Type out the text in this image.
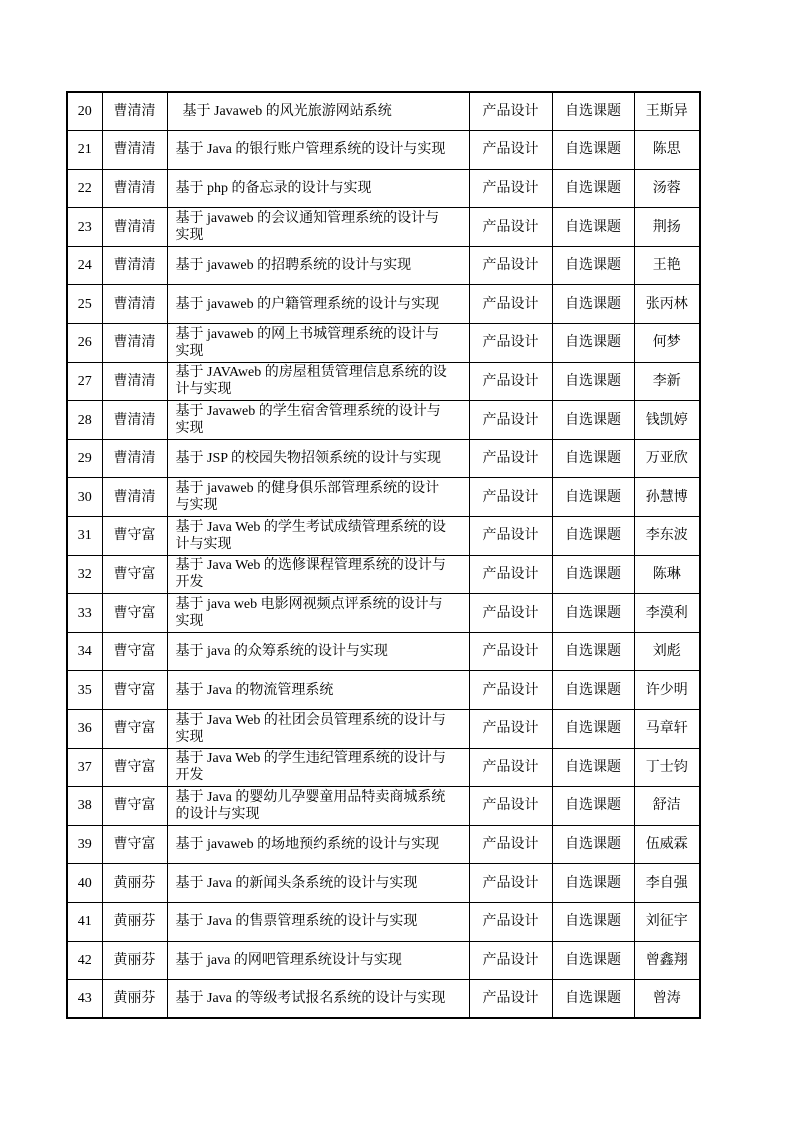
20	曹清清	基于 Javaweb 的风光旅游网站系统	产品设计	自选课题	王斯异
21	曹清清	基于 Java 的银行账户管理系统的设计与实现	产品设计	自选课题	陈思
22	曹清清	基于 php 的备忘录的设计与实现	产品设计	自选课题	汤蓉
23	曹清清	基于 javaweb 的会议通知管理系统的设计与
实现	产品设计	自选课题	荆扬
24	曹清清	基于 javaweb 的招聘系统的设计与实现	产品设计	自选课题	王艳
25	曹清清	基于 javaweb 的户籍管理系统的设计与实现	产品设计	自选课题	张丙林
26	曹清清	基于 javaweb 的网上书城管理系统的设计与
实现	产品设计	自选课题	何梦
27	曹清清	基于 JAVAweb 的房屋租赁管理信息系统的设
计与实现	产品设计	自选课题	李新
28	曹清清	基于 Javaweb 的学生宿舍管理系统的设计与
实现	产品设计	自选课题	钱凯婷
29	曹清清	基于 JSP 的校园失物招领系统的设计与实现	产品设计	自选课题	万亚欣
30	曹清清	基于 javaweb 的健身俱乐部管理系统的设计
与实现	产品设计	自选课题	孙慧博
31	曹守富	基于 Java Web 的学生考试成绩管理系统的设
计与实现	产品设计	自选课题	李东波
32	曹守富	基于 Java Web 的选修课程管理系统的设计与
开发	产品设计	自选课题	陈琳
33	曹守富	基于 java web 电影网视频点评系统的设计与
实现	产品设计	自选课题	李漠利
34	曹守富	基于 java 的众筹系统的设计与实现	产品设计	自选课题	刘彪
35	曹守富	基于 Java 的物流管理系统	产品设计	自选课题	许少明
36	曹守富	基于 Java Web 的社团会员管理系统的设计与
实现	产品设计	自选课题	马章轩
37	曹守富	基于 Java Web 的学生违纪管理系统的设计与
开发	产品设计	自选课题	丁士钧
38	曹守富	基于 Java 的婴幼儿孕婴童用品特卖商城系统
的设计与实现	产品设计	自选课题	舒洁
39	曹守富	基于 javaweb 的场地预约系统的设计与实现	产品设计	自选课题	伍威霖
40	黄丽芬	基于 Java 的新闻头条系统的设计与实现	产品设计	自选课题	李自强
41	黄丽芬	基于 Java 的售票管理系统的设计与实现	产品设计	自选课题	刘征宇
42	黄丽芬	基于 java 的网吧管理系统设计与实现	产品设计	自选课题	曾鑫翔
43	黄丽芬	基于 Java 的等级考试报名系统的设计与实现	产品设计	自选课题	曾涛
